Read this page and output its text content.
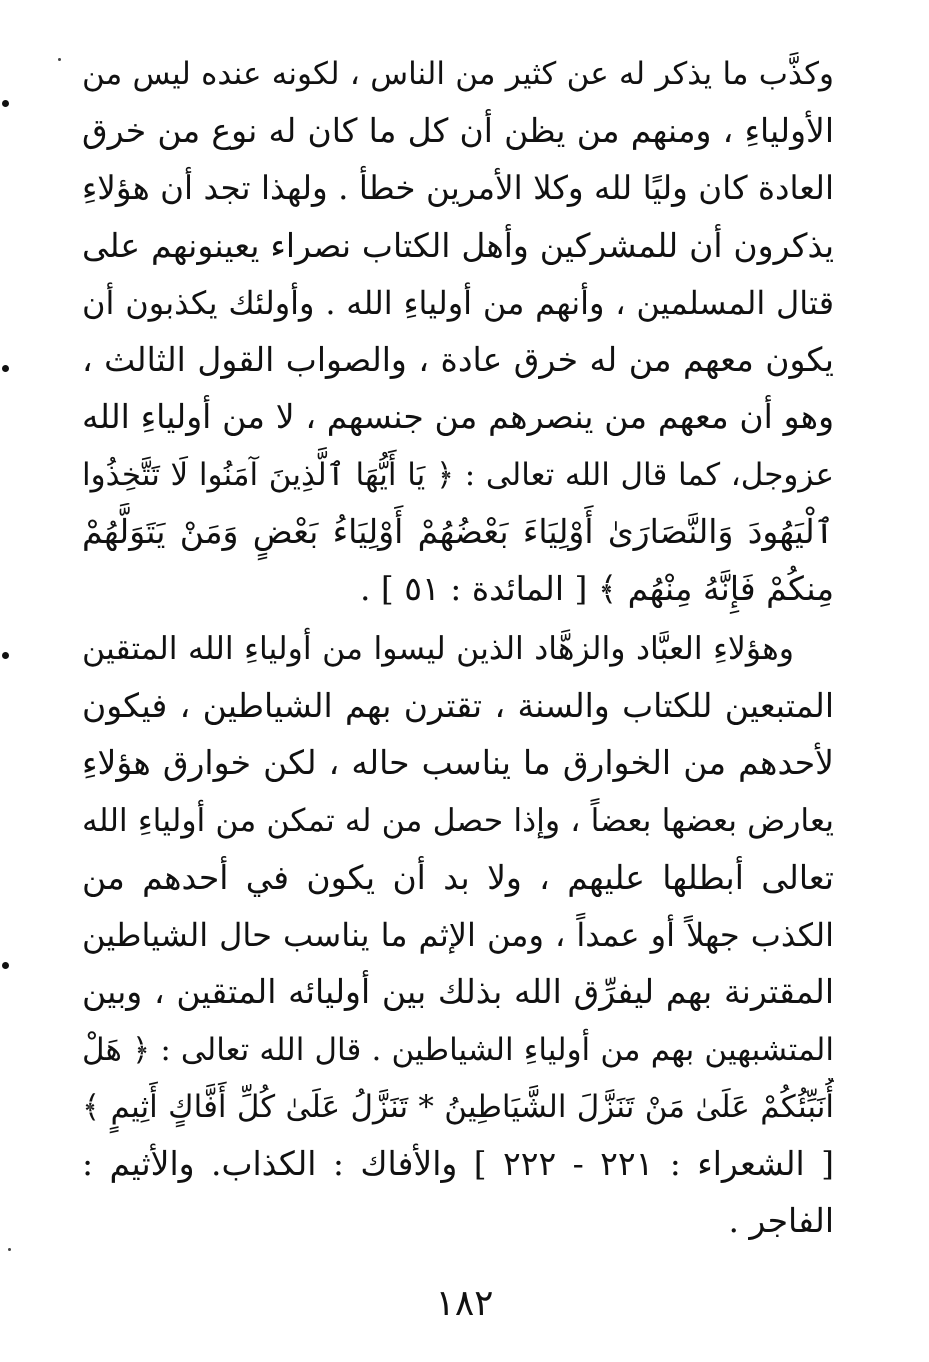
وكذَّب ما يذكر له عن كثير من الناس ، لكونه عنده ليس من
الأولياءِ ، ومنهم من يظن أن كل ما كان له نوع من خرق
العادة كان وليًا لله وكلا الأمرين خطأ . ولهذا تجد أن هؤلاءِ
يذكرون أن للمشركين وأهل الكتاب نصراء يعينونهم على
قتال المسلمين ، وأنهم من أولياءِ الله . وأولئك يكذبون أن
يكون معهم من له خرق عادة ، والصواب القول الثالث ،
وهو أن معهم من ينصرهم من جنسهم ، لا من أولياءِ الله
عزوجل، كما قال الله تعالى : ﴿ يَا أَيُّهَا ٱلَّذِينَ آمَنُوا لَا تَتَّخِذُوا
ٱلْيَهُودَ وَالنَّصَارَىٰ أَوْلِيَاءَ بَعْضُهُمْ أَوْلِيَاءُ بَعْضٍ وَمَنْ يَتَوَلَّهُمْ
مِنكُمْ فَإِنَّهُ مِنْهُم ﴾ [ المائدة : ٥١ ] .
وهؤلاءِ العبَّاد والزهَّاد الذين ليسوا من أولياءِ الله المتقين
المتبعين للكتاب والسنة ، تقترن بهم الشياطين ، فيكون
لأحدهم من الخوارق ما يناسب حاله ، لكن خوارق هؤلاءِ
يعارض بعضها بعضاً ، وإذا حصل من له تمكن من أولياءِ الله
تعالى أبطلها عليهم ، ولا بد أن يكون في أحدهم من
الكذب جهلاً أو عمداً ، ومن الإثم ما يناسب حال الشياطين
المقترنة بهم ليفرِّق الله بذلك بين أوليائه المتقين ، وبين
المتشبهين بهم من أولياءِ الشياطين . قال الله تعالى : ﴿ هَلْ
أُنَبِّئُكُمْ عَلَىٰ مَنْ تَنَزَّلَ الشَّيَاطِينُ * تَنَزَّلُ عَلَىٰ كُلِّ أَفَّاكٍ أَثِيمٍ ﴾
[ الشعراء : ٢٢١ - ٢٢٢ ] والأفاك : الكذاب. والأثيم :
الفاجر .
١٨٢
